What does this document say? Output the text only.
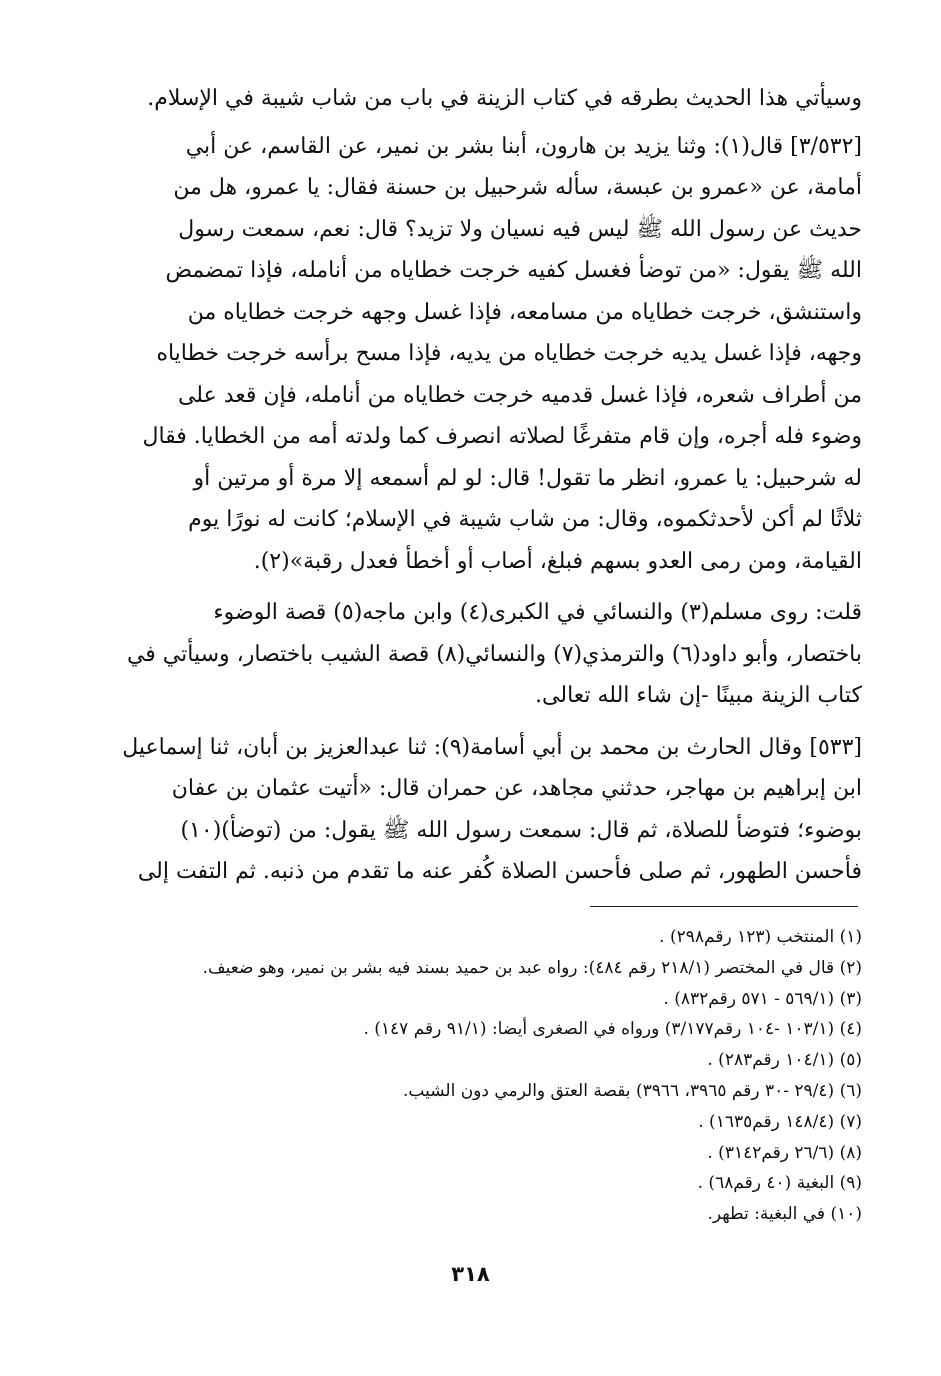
وسيأتي هذا الحديث بطرقه في كتاب الزينة في باب من شاب شيبة في الإسلام.

[٣/٥٣٢] قال(١): وثنا يزيد بن هارون، أبنا بشر بن نمير، عن القاسم، عن أبي
أمامة، عن «عمرو بن عبسة، سأله شرحبيل بن حسنة فقال: يا عمرو، هل من
حديث عن رسول الله ﷺ ليس فيه نسيان ولا تزيد؟ قال: نعم، سمعت رسول
الله ﷺ يقول: «من توضأ فغسل كفيه خرجت خطاياه من أنامله، فإذا تمضمض
واستنشق، خرجت خطاياه من مسامعه، فإذا غسل وجهه خرجت خطاياه من
وجهه، فإذا غسل يديه خرجت خطاياه من يديه، فإذا مسح برأسه خرجت خطاياه
من أطراف شعره، فإذا غسل قدميه خرجت خطاياه من أنامله، فإن قعد على
وضوء فله أجره، وإن قام متفرغًا لصلاته انصرف كما ولدته أمه من الخطايا. فقال
له شرحبيل: يا عمرو، انظر ما تقول! قال: لو لم أسمعه إلا مرة أو مرتين أو
ثلاثًا لم أكن لأحدثكموه، وقال: من شاب شيبة في الإسلام؛ كانت له نورًا يوم
القيامة، ومن رمى العدو بسهم فبلغ، أصاب أو أخطأ فعدل رقبة»(٢).

قلت: روى مسلم(٣) والنسائي في الكبرى(٤) وابن ماجه(٥) قصة الوضوء
باختصار، وأبو داود(٦) والترمذي(٧) والنسائي(٨) قصة الشيب باختصار، وسيأتي في
كتاب الزينة مبينًا -إن شاء الله تعالى.

[٥٣٣] وقال الحارث بن محمد بن أبي أسامة(٩): ثنا عبدالعزيز بن أبان، ثنا إسماعيل
ابن إبراهيم بن مهاجر، حدثني مجاهد، عن حمران قال: «أتيت عثمان بن عفان
بوضوء؛ فتوضأ للصلاة، ثم قال: سمعت رسول الله ﷺ يقول: من (توضأ)(١٠)
فأحسن الطهور، ثم صلى فأحسن الصلاة كُفر عنه ما تقدم من ذنبه. ثم التفت إلى

(١) المنتخب (١٢٣ رقم٢٩٨) .
(٢) قال في المختصر (٢١٨/١ رقم ٤٨٤): رواه عبد بن حميد بسند فيه بشر بن نمير، وهو ضعيف.
(٣) (٥٦٩/١ - ٥٧١ رقم٨٣٢) .
(٤) (١٠٣/١ -١٠٤ رقم٣/١٧٧) ورواه في الصغرى أيضا: (٩١/١ رقم ١٤٧) .
(٥) (١٠٤/١ رقم٢٨٣) .
(٦) (٢٩/٤ -٣٠ رقم ٣٩٦٥، ٣٩٦٦) بقصة العتق والرمي دون الشيب.
(٧) (١٤٨/٤ رقم١٦٣٥) .
(٨) (٢٦/٦ رقم٣١٤٢) .
(٩) البغية (٤٠ رقم٦٨) .
(١٠) في البغية: تطهر.
٣١٨
